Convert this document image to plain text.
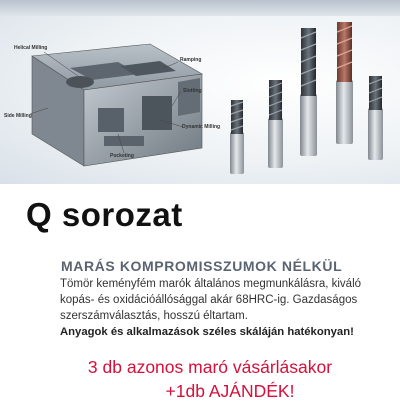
Helical Milling
Ramping
Slotting
Side Milling
Pocketing
Dynamic Milling
Q sorozat
MARÁS KOMPROMISSZUMOK NÉLKÜL
Tömör keményfém marók általános megmunkálásra, kiváló kopás- és oxidációállósággal akár 68HRC-ig. Gazdaságos szerszámválasztás, hosszú éltartam.
Anyagok és alkalmazások széles skáláján hatékonyan!
3 db azonos maró vásárlásakor
+1db AJÁNDÉK!
